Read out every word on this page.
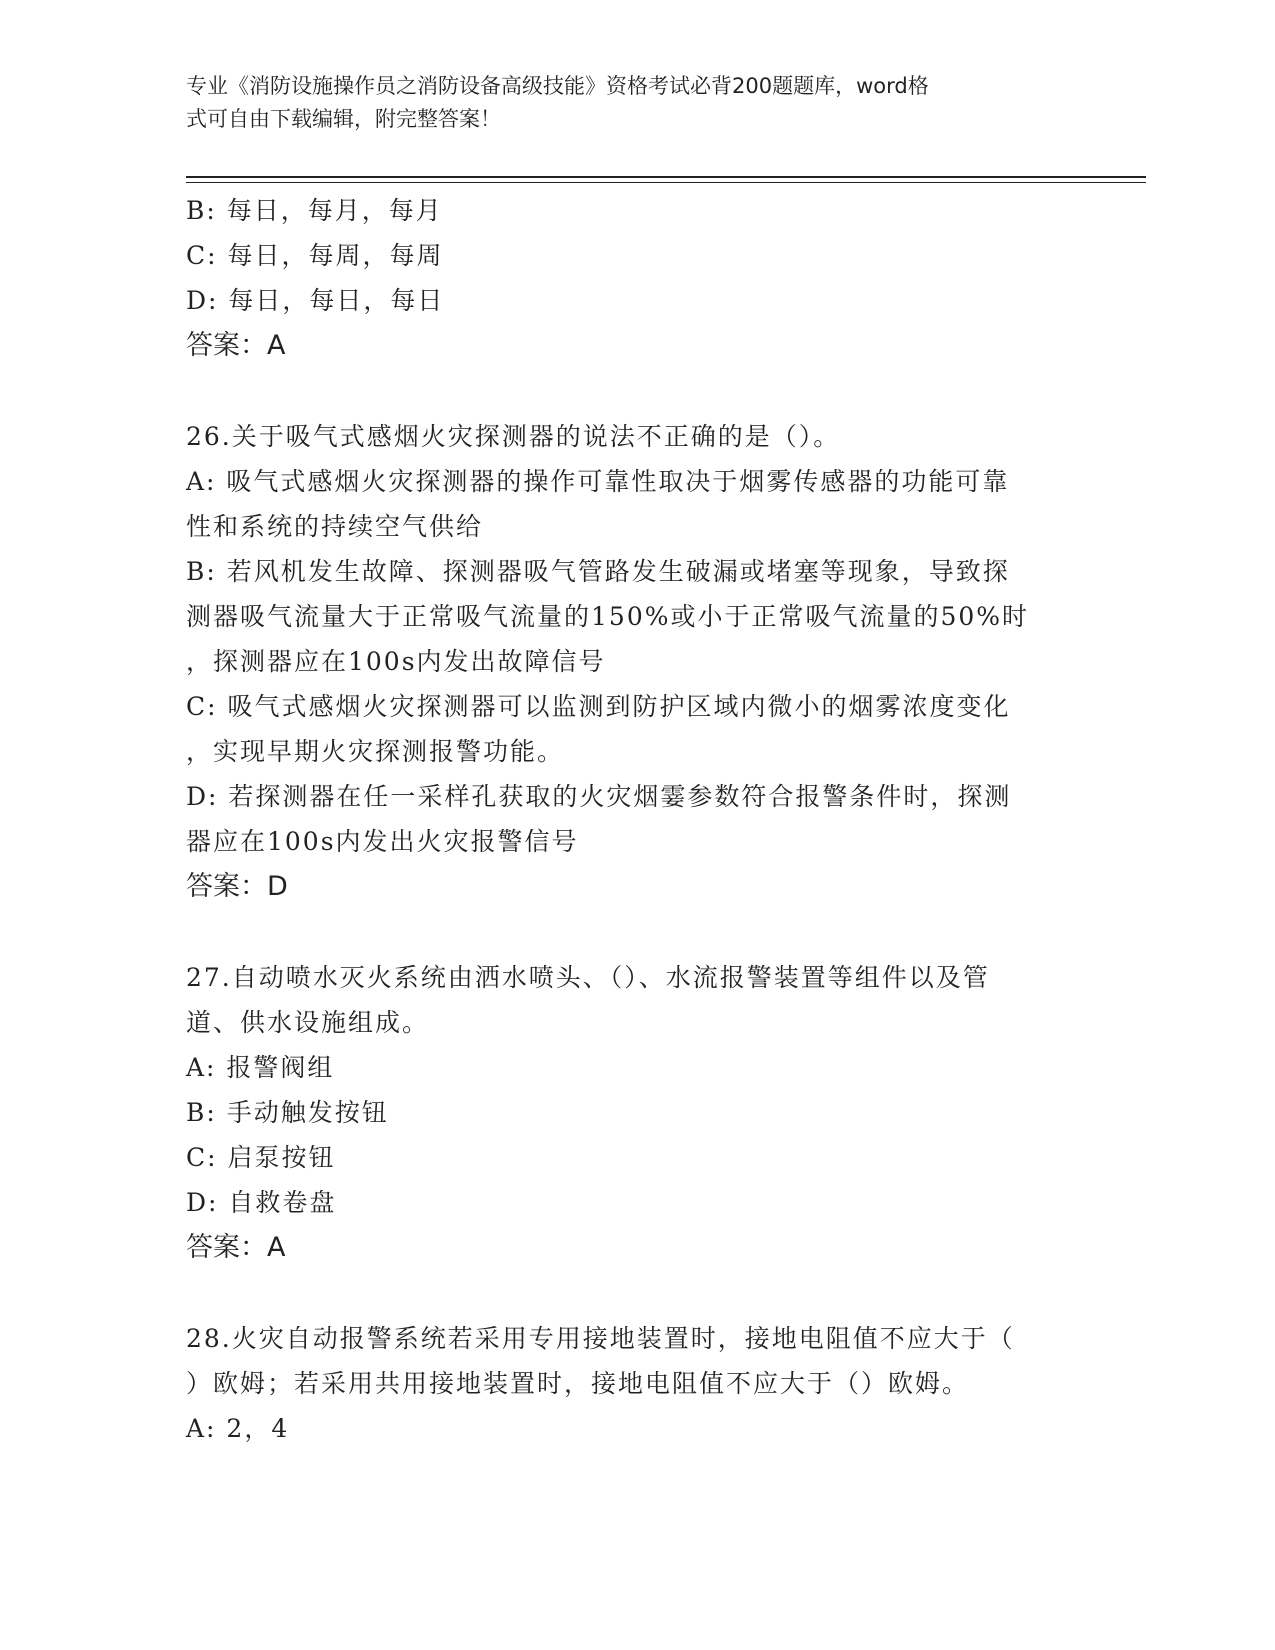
专业《消防设施操作员之消防设备高级技能》资格考试必背200题题库，word格
式可自由下载编辑，附完整答案！
B: 每日，每月，每月
C: 每日，每周，每周
D: 每日，每日，每日
答案：A
26.关于吸气式感烟火灾探测器的说法不正确的是（）。
A: 吸气式感烟火灾探测器的操作可靠性取决于烟雾传感器的功能可靠
性和系统的持续空气供给
B: 若风机发生故障、探测器吸气管路发生破漏或堵塞等现象，导致探
测器吸气流量大于正常吸气流量的150%或小于正常吸气流量的50%时
，探测器应在100s内发出故障信号
C: 吸气式感烟火灾探测器可以监测到防护区域内微小的烟雾浓度变化
，实现早期火灾探测报警功能。
D: 若探测器在任一采样孔获取的火灾烟霎参数符合报警条件时，探测
器应在100s内发出火灾报警信号
答案：D
27.自动喷水灭火系统由洒水喷头、（）、水流报警装置等组件以及管
道、供水设施组成。
A: 报警阀组
B: 手动触发按钮
C: 启泵按钮
D: 自救卷盘
答案：A
28.火灾自动报警系统若采用专用接地装置时，接地电阻值不应大于（
）欧姆；若采用共用接地装置时，接地电阻值不应大于（）欧姆。
A: 2，4
